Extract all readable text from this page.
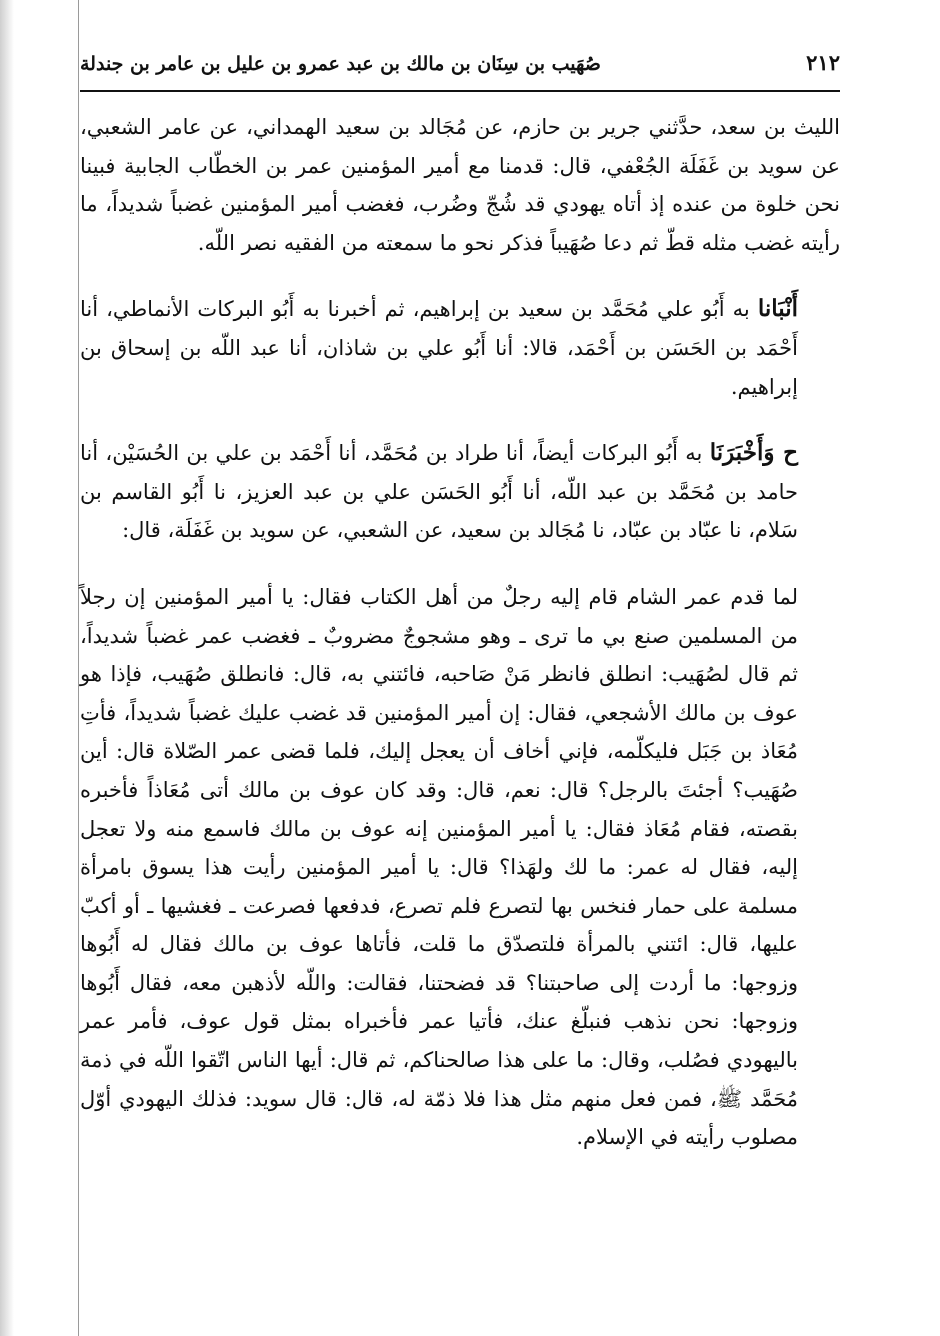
٢١٢
صُهَيب بن سِنَان بن مالك بن عبد عمرو بن عليل بن عامر بن جندلة

الليث بن سعد، حدَّثني جرير بن حازم، عن مُجَالد بن سعيد الهمداني، عن عامر الشعبي، عن سويد بن غَفَلَة الجُعْفي، قال: قدمنا مع أمير المؤمنين عمر بن الخطّاب الجابية فبينا نحن خلوة من عنده إذ أتاه يهودي قد شُجّ وضُرب، فغضب أمير المؤمنين غضباً شديداً، ما رأيته غضب مثله قطّ ثم دعا صُهَيباً فذكر نحو ما سمعته من الفقيه نصر اللّه.

أَنْبَانا به أَبُو علي مُحَمَّد بن سعيد بن إبراهيم، ثم أخبرنا به أَبُو البركات الأنماطي، أنا أَحْمَد بن الحَسَن بن أَحْمَد، قالا: أنا أَبُو علي بن شاذان، أنا عبد اللّه بن إسحاق بن إبراهيم.

ح وَأَخْبَرَنَا به أَبُو البركات أيضاً، أنا طراد بن مُحَمَّد، أنا أَحْمَد بن علي بن الحُسَيْن، أنا حامد بن مُحَمَّد بن عبد اللّه، أنا أَبُو الحَسَن علي بن عبد العزيز، نا أَبُو القاسم بن سَلام، نا عبّاد بن عبّاد، نا مُجَالد بن سعيد، عن الشعبي، عن سويد بن غَفَلَة، قال:

لما قدم عمر الشام قام إليه رجلٌ من أهل الكتاب فقال: يا أمير المؤمنين إن رجلاً من المسلمين صنع بي ما ترى ـ وهو مشجوجٌ مضروبٌ ـ فغضب عمر غضباً شديداً، ثم قال لصُهَيب: انطلق فانظر مَنْ صَاحبه، فائتني به، قال: فانطلق صُهَيب، فإذا هو عوف بن مالك الأشجعي، فقال: إن أمير المؤمنين قد غضب عليك غضباً شديداً، فأتِ مُعَاذ بن جَبَل فليكلّمه، فإني أخاف أن يعجل إليك، فلما قضى عمر الصّلاة قال: أين صُهَيب؟ أجئتَ بالرجل؟ قال: نعم، قال: وقد كان عوف بن مالك أتى مُعَاذاً فأخبره بقصته، فقام مُعَاذ فقال: يا أمير المؤمنين إنه عوف بن مالك فاسمع منه ولا تعجل إليه، فقال له عمر: ما لك ولهَذا؟ قال: يا أمير المؤمنين رأيت هذا يسوق بامرأة مسلمة على حمار فنخس بها لتصرع فلم تصرع، فدفعها فصرعت ـ فغشيها ـ أو أكبّ عليها، قال: ائتني بالمرأة فلتصدّق ما قلت، فأتاها عوف بن مالك فقال له أَبُوها وزوجها: ما أردت إلى صاحبتنا؟ قد فضحتنا، فقالت: واللّه لأذهبن معه، فقال أَبُوها وزوجها: نحن نذهب فنبلّغ عنك، فأتيا عمر فأخبراه بمثل قول عوف، فأمر عمر باليهودي فصُلب، وقال: ما على هذا صالحناكم، ثم قال: أيها الناس اتّقوا اللّه في ذمة مُحَمَّد ﷺ، فمن فعل منهم مثل هذا فلا ذمّة له، قال: قال سويد: فذلك اليهودي أوّل مصلوب رأيته في الإسلام.
